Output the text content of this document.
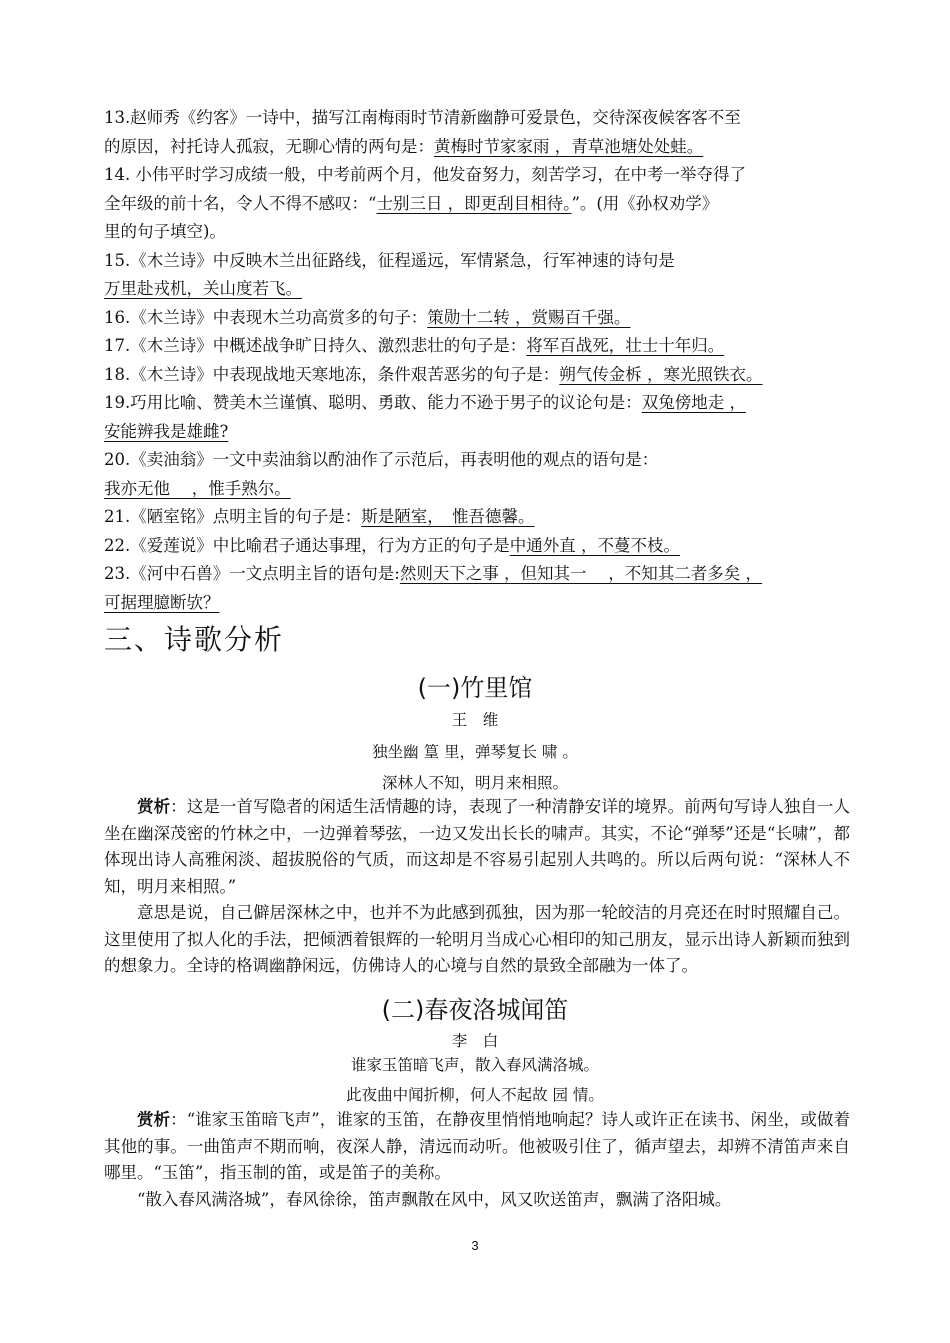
13.赵师秀《约客》一诗中，描写江南梅雨时节清新幽静可爱景色，交待深夜候客客不至

的原因，衬托诗人孤寂，无聊心情的两句是：黄梅时节家家雨 ，青草池塘处处蛙。

14. 小伟平时学习成绩一般，中考前两个月，他发奋努力，刻苦学习，在中考一举夺得了

全年级的前十名，令人不得不感叹：“士别三日 ，即更刮目相待。”。(用《孙权劝学》

里的句子填空)。

15.《木兰诗》中反映木兰出征路线，征程遥远，军情紧急，行军神速的诗句是

万里赴戎机，关山度若飞。

16.《木兰诗》中表现木兰功高赏多的句子：策勋十二转 ，赏赐百千强。

17.《木兰诗》中概述战争旷日持久、激烈悲壮的句子是：将军百战死，壮士十年归。

18.《木兰诗》中表现战地天寒地冻，条件艰苦恶劣的句子是：朔气传金柝 ，寒光照铁衣。

19.巧用比喻、赞美木兰谨慎、聪明、勇敢、能力不逊于男子的议论句是：双兔傍地走 ，

安能辨我是雄雌?

20.《卖油翁》一文中卖油翁以酌油作了示范后，再表明他的观点的语句是：

我亦无他　 ，惟手熟尔。

21.《陋室铭》点明主旨的句子是：斯是陋室，　惟吾德馨。

22.《爱莲说》中比喻君子通达事理，行为方正的句子是中通外直 ，不蔓不枝。

23.《河中石兽》一文点明主旨的语句是:然则天下之事 ，但知其一　 ，不知其二者多矣 ，

可据理臆断欤？

三、诗歌分析
(一)竹里馆
王　维
独坐幽 篁 里，弹琴复长 啸 。
深林人不知，明月来相照。

赏析：这是一首写隐者的闲适生活情趣的诗，表现了一种清静安详的境界。前两句写诗人独自一人坐在幽深茂密的竹林之中，一边弹着琴弦，一边又发出长长的啸声。其实，不论“弹琴”还是“长啸”，都体现出诗人高雅闲淡、超拔脱俗的气质，而这却是不容易引起别人共鸣的。所以后两句说：“深林人不知，明月来相照。”

意思是说，自己僻居深林之中，也并不为此感到孤独，因为那一轮皎洁的月亮还在时时照耀自己。这里使用了拟人化的手法，把倾洒着银辉的一轮明月当成心心相印的知己朋友，显示出诗人新颖而独到的想象力。全诗的格调幽静闲远，仿佛诗人的心境与自然的景致全部融为一体了。

(二)春夜洛城闻笛
李　白
谁家玉笛暗飞声，散入春风满洛城。
此夜曲中闻折柳，何人不起故 园 情。

赏析：“谁家玉笛暗飞声”，谁家的玉笛，在静夜里悄悄地响起？诗人或许正在读书、闲坐，或做着其他的事。一曲笛声不期而响，夜深人静，清远而动听。他被吸引住了，循声望去，却辨不清笛声来自哪里。“玉笛”，指玉制的笛，或是笛子的美称。

“散入春风满洛城”，春风徐徐，笛声飘散在风中，风又吹送笛声，飘满了洛阳城。

3
